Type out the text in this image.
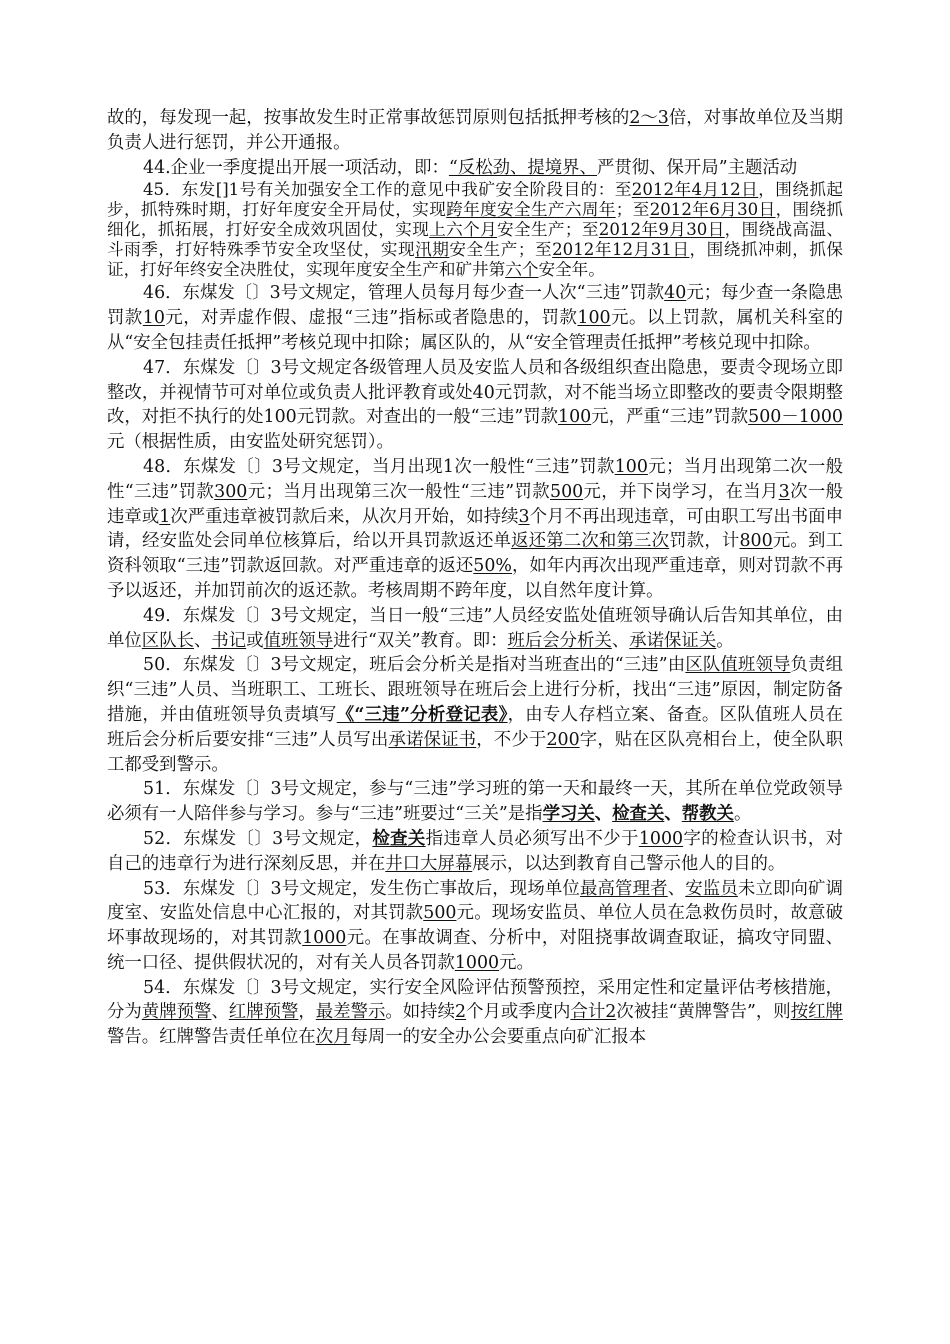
故的，每发现一起，按事故发生时正常事故惩罚原则包括抵押考核的2～3倍，对事故单位及当期负责人进行惩罚，并公开通报。

44.企业一季度提出开展一项活动，即：“反松劲、提境界、严贯彻、保开局”主题活动

45．东发[]1号有关加强安全工作的意见中我矿安全阶段目的：至2012年4月12日，围绕抓起步，抓特殊时期，打好年度安全开局仗，实现跨年度安全生产六周年；至2012年6月30日，围绕抓细化，抓拓展，打好安全成效巩固仗，实现上六个月安全生产；至2012年9月30日，围绕战高温、斗雨季，打好特殊季节安全攻坚仗，实现汛期安全生产；至2012年12月31日，围绕抓冲刺，抓保证，打好年终安全决胜仗，实现年度安全生产和矿井第六个安全年。

46．东煤发〔〕3号文规定，管理人员每月每少查一人次“三违”罚款40元；每少查一条隐患罚款10元，对弄虚作假、虚报“三违”指标或者隐患的，罚款100元。以上罚款，属机关科室的从“安全包挂责任抵押”考核兑现中扣除；属区队的，从“安全管理责任抵押”考核兑现中扣除。

47．东煤发〔〕3号文规定各级管理人员及安监人员和各级组织查出隐患，要责令现场立即整改，并视情节可对单位或负责人批评教育或处40元罚款，对不能当场立即整改的要责令限期整改，对拒不执行的处100元罚款。对查出的一般“三违”罚款100元，严重“三违”罚款500－1000元（根据性质，由安监处研究惩罚）。

48．东煤发〔〕3号文规定，当月出现1次一般性“三违”罚款100元；当月出现第二次一般性“三违”罚款300元；当月出现第三次一般性“三违”罚款500元，并下岗学习，在当月3次一般违章或1次严重违章被罚款后来，从次月开始，如持续3个月不再出现违章，可由职工写出书面申请，经安监处会同单位核算后，给以开具罚款返还单返还第二次和第三次罚款，计800元。到工资科领取“三违”罚款返回款。对严重违章的返还50%，如年内再次出现严重违章，则对罚款不再予以返还，并加罚前次的返还款。考核周期不跨年度，以自然年度计算。

49．东煤发〔〕3号文规定，当日一般“三违”人员经安监处值班领导确认后告知其单位，由单位区队长、书记或值班领导进行“双关”教育。即：班后会分析关、承诺保证关。

50．东煤发〔〕3号文规定，班后会分析关是指对当班查出的“三违”由区队值班领导负责组织“三违”人员、当班职工、工班长、跟班领导在班后会上进行分析，找出“三违”原因，制定防备措施，并由值班领导负责填写《“三违”分析登记表》，由专人存档立案、备查。区队值班人员在班后会分析后要安排“三违”人员写出承诺保证书，不少于200字，贴在区队亮相台上，使全队职工都受到警示。

51．东煤发〔〕3号文规定，参与“三违”学习班的第一天和最终一天，其所在单位党政领导必须有一人陪伴参与学习。参与“三违”班要过“三关”是指学习关、检查关、帮教关。

52．东煤发〔〕3号文规定，检查关指违章人员必须写出不少于1000字的检查认识书，对自己的违章行为进行深刻反思，并在井口大屏幕展示，以达到教育自己警示他人的目的。

53．东煤发〔〕3号文规定，发生伤亡事故后，现场单位最高管理者、安监员未立即向矿调度室、安监处信息中心汇报的，对其罚款500元。现场安监员、单位人员在急救伤员时，故意破坏事故现场的，对其罚款1000元。在事故调查、分析中，对阻挠事故调查取证，搞攻守同盟、统一口径、提供假状况的，对有关人员各罚款1000元。

54．东煤发〔〕3号文规定，实行安全风险评估预警预控，采用定性和定量评估考核措施，分为黄牌预警、红牌预警，最差警示。如持续2个月或季度内合计2次被挂“黄牌警告”，则按红牌警告。红牌警告责任单位在次月每周一的安全办公会要重点向矿汇报本
